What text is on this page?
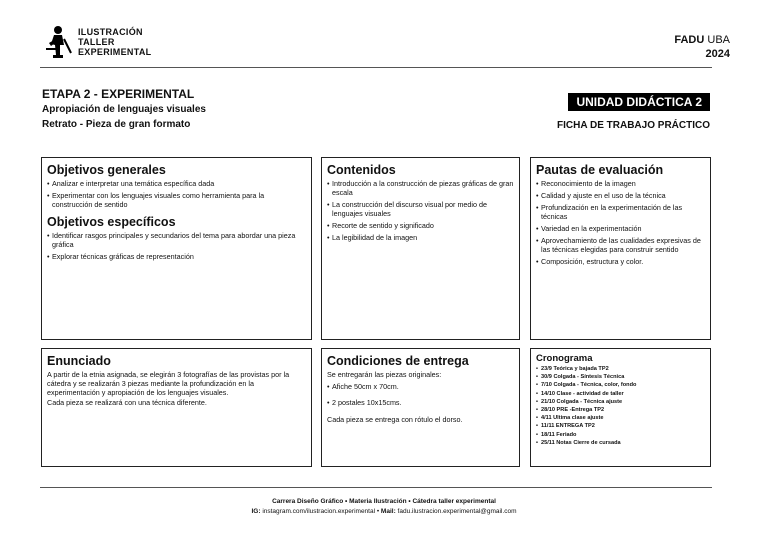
ILUSTRACIÓN
TALLER
EXPERIMENTAL
FADU UBA
2024
ETAPA 2 - EXPERIMENTAL
Apropiación de lenguajes visuales
Retrato - Pieza de gran formato
UNIDAD DIDÁCTICA 2
FICHA DE TRABAJO PRÁCTICO
Objetivos generales
• Analizar e interpretar una temática específica dada
• Experimentar con los lenguajes visuales como herramienta para la construcción de sentido
Objetivos específicos
• Identificar rasgos principales y secundarios del tema para abordar una pieza gráfica
• Explorar técnicas gráficas de representación
Contenidos
• Introducción a la construcción de piezas gráficas de gran escala
• La construcción del discurso visual por medio de lenguajes visuales
• Recorte de sentido y significado
• La legibilidad de la imagen
Pautas de evaluación
• Reconocimiento de la imagen
• Calidad y ajuste en el uso de la técnica
• Profundización en la experimentación de las técnicas
• Variedad en la experimentación
• Aprovechamiento de las cualidades expresivas de las técnicas elegidas para construir sentido
• Composición, estructura y color.
Enunciado

A partir de la etnia asignada, se elegirán 3 fotografías de las provistas por la cátedra y se realizarán 3 piezas mediante la profundización en la experimentación y apropiación de los lenguajes visuales.

Cada pieza se realizará con una técnica diferente.

Condiciones de entrega

Se entregarán las piezas originales:

• Afiche 50cm x 70cm.
• 2 postales 10x15cms.

Cada pieza se entrega con rótulo el dorso.

Cronograma
• 23/9 Teórica y bajada TP2
• 30/9 Colgada - Síntesis Técnica
• 7/10 Colgada - Técnica, color, fondo
• 14/10 Clase - actividad de taller
• 21/10 Colgada - Técnica ajuste
• 28/10 PRE -Entrega TP2
• 4/11 Ultima clase ajuste
• 11/11 ENTREGA TP2
• 18/11 Feriado
• 25/11 Notas Cierre de cursada
Carrera Diseño Gráfico • Materia Ilustración • Cátedra taller experimental
IG: instagram.com/ilustracion.experimental • Mail: fadu.ilustracion.experimental@gmail.com
